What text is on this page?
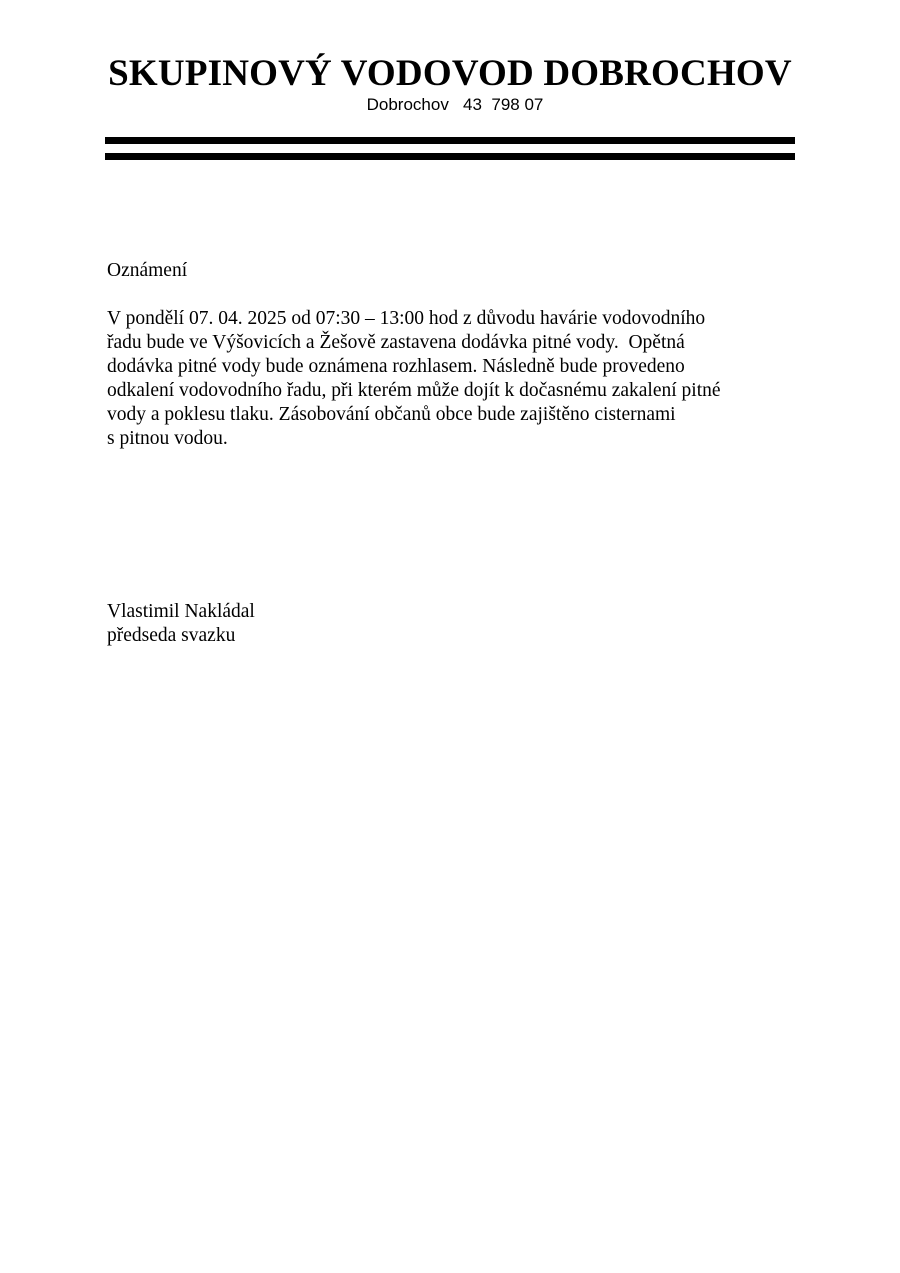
SKUPINOVÝ VODOVOD DOBROCHOV
Dobrochov   43  798 07
Oznámení
V pondělí 07. 04. 2025 od 07:30 – 13:00 hod z důvodu havárie vodovodního
řadu bude ve Výšovicích a Žešově zastavena dodávka pitné vody.  Opětná
dodávka pitné vody bude oznámena rozhlasem. Následně bude provedeno
odkalení vodovodního řadu, při kterém může dojít k dočasnému zakalení pitné
vody a poklesu tlaku. Zásobování občanů obce bude zajištěno cisternami
s pitnou vodou.
Vlastimil Nakládal
předseda svazku
